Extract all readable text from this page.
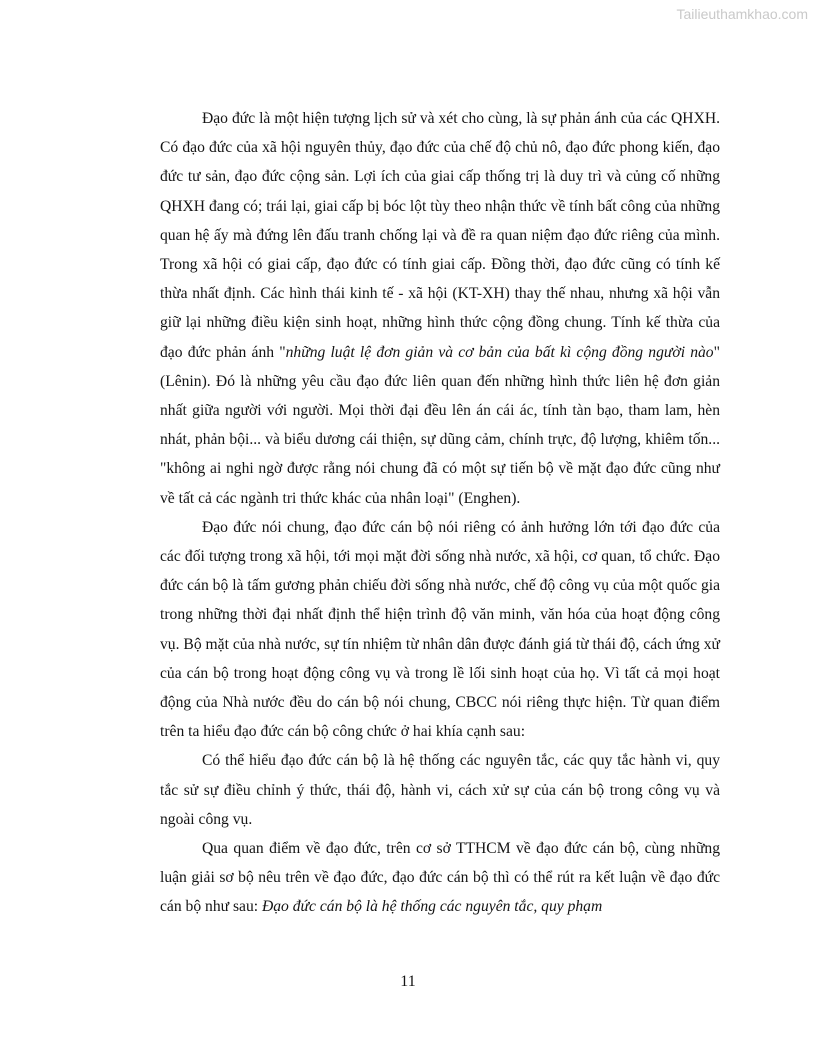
Tailieuthamkhao.com

Đạo đức là một hiện tượng lịch sử và xét cho cùng, là sự phản ánh của các QHXH. Có đạo đức của xã hội nguyên thủy, đạo đức của chế độ chủ nô, đạo đức phong kiến, đạo đức tư sản, đạo đức cộng sản. Lợi ích của giai cấp thống trị là duy trì và củng cố những QHXH đang có; trái lại, giai cấp bị bóc lột tùy theo nhận thức về tính bất công của những quan hệ ấy mà đứng lên đấu tranh chống lại và đề ra quan niệm đạo đức riêng của mình. Trong xã hội có giai cấp, đạo đức có tính giai cấp. Đồng thời, đạo đức cũng có tính kế thừa nhất định. Các hình thái kinh tế - xã hội (KT-XH) thay thế nhau, nhưng xã hội vẫn giữ lại những điều kiện sinh hoạt, những hình thức cộng đồng chung. Tính kế thừa của đạo đức phản ánh "những luật lệ đơn giản và cơ bản của bất kì cộng đồng người nào" (Lênin). Đó là những yêu cầu đạo đức liên quan đến những hình thức liên hệ đơn giản nhất giữa người với người. Mọi thời đại đều lên án cái ác, tính tàn bạo, tham lam, hèn nhát, phản bội... và biểu dương cái thiện, sự dũng cảm, chính trực, độ lượng, khiêm tốn... "không ai nghi ngờ được rằng nói chung đã có một sự tiến bộ về mặt đạo đức cũng như về tất cả các ngành tri thức khác của nhân loại" (Enghen).

Đạo đức nói chung, đạo đức cán bộ nói riêng có ảnh hưởng lớn tới đạo đức của các đối tượng trong xã hội, tới mọi mặt đời sống nhà nước, xã hội, cơ quan, tổ chức. Đạo đức cán bộ là tấm gương phản chiếu đời sống nhà nước, chế độ công vụ của một quốc gia trong những thời đại nhất định thể hiện trình độ văn minh, văn hóa của hoạt động công vụ. Bộ mặt của nhà nước, sự tín nhiệm từ nhân dân được đánh giá từ thái độ, cách ứng xử của cán bộ trong hoạt động công vụ và trong lề lối sinh hoạt của họ. Vì tất cả mọi hoạt động của Nhà nước đều do cán bộ nói chung, CBCC nói riêng thực hiện. Từ quan điểm trên ta hiểu đạo đức cán bộ công chức ở hai khía cạnh sau:

Có thể hiểu đạo đức cán bộ là hệ thống các nguyên tắc, các quy tắc hành vi, quy tắc sử sự điều chỉnh ý thức, thái độ, hành vi, cách xử sự của cán bộ trong công vụ và ngoài công vụ.

Qua quan điểm về đạo đức, trên cơ sở TTHCM về đạo đức cán bộ, cùng những luận giải sơ bộ nêu trên về đạo đức, đạo đức cán bộ thì có thể rút ra kết luận về đạo đức cán bộ như sau: Đạo đức cán bộ là hệ thống các nguyên tắc, quy phạm

11
